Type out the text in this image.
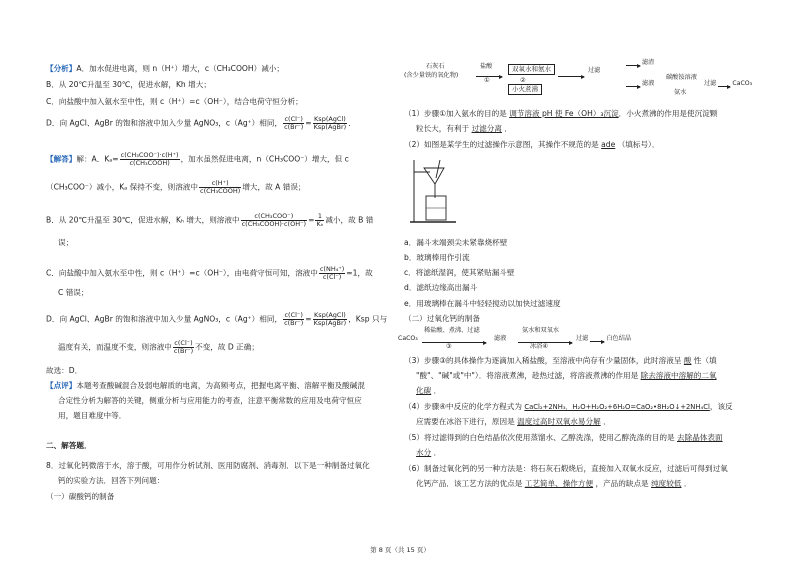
【分析】A．加水促进电离，则 n（H⁺）增大，c（CH₃COOH）减小；
B．从 20℃升温至 30℃，促进水解，Kh 增大；
C．向盐酸中加入氨水至中性，则 c（H⁺）=c（OH⁻），结合电荷守恒分析；
D．向 AgCl、AgBr 的饱和溶液中加入少量 AgNO₃，c（Ag⁺）相同， $\frac{c(Cl^-)}{c(Br^-)} = \frac{\text{Ksp(AgCl)}}{\text{Ksp(AgBr)}}$ ．
【解答】解：A．$K_a= \frac{\text{c(CH₃COO⁻)·c(H⁺)}}{\text{c(CH₃COOH)}}$ ，加水虽然促进电离，n（CH₃COO⁻）增大，但 c
（CH₃COO⁻）减小，Kₐ 保持不变，则溶液中 $\frac{c(H^+)}{\text{c(CH₃COOH)}}$ 增大，故 A 错误；
B．从 20℃升温至 30℃，促进水解，Kₕ 增大，则溶液中 $\frac{\text{c(CH₃COO⁻)}}{\text{c(CH₃COOH)·c(OH⁻)}} = \frac{1}{\text{Kₕ}}$ 减小，故 B 错
误；
C．向盐酸中加入氨水至中性，则 c（H⁺）=c（OH⁻），由电荷守恒可知，溶液中 $\frac{\text{c(NH₄⁺)}}{c(Cl^-)} =1$，故
C 错误；
D．向 AgCl、AgBr 的饱和溶液中加入少量 AgNO₃，c（Ag⁺）相同， $\frac{c(Cl^-)}{c(Br^-)} = \frac{\text{Ksp(AgCl)}}{\text{Ksp(AgBr)}}$ ，Ksp 只与
温度有关，而温度不变，则溶液中 $\frac{c(Cl^-)}{c(Br^-)}$ 不变，故 D 正确；
故选：D．
【点评】本题考查酸碱混合及弱电解质的电离，为高频考点，把握电离平衡、溶解平衡及酸碱混
合定性分析为解答的关键，侧重分析与应用能力的考查，注意平衡常数的应用及电荷守恒应
用，题目难度中等．
二、解答题．
8．过氧化钙微溶于水，溶于酸，可用作分析试剂、医用防腐剂、消毒剂．以下是一种制备过氧化
钙的实验方法．回答下列问题：
（一）碳酸钙的制备
石灰石
(含少量铁的氧化物)
盐酸
①
双氧水和氨水
②
小火煮沸
过滤
滤渣
滤液
碳酸铵溶液
氨水
过滤	CaCO₃
（1）步骤①加入氨水的目的是 调节溶液 pH 使 Fe（OH）₃沉淀．小火煮沸的作用是使沉淀颗
粒长大，有利于 过滤分离 ．
（2）如图是某学生的过滤操作示意图，其操作不规范的是 ade （填标号）．
a．漏斗末端颈尖未紧靠烧杯壁
b．玻璃棒用作引流
c．将滤纸湿润，使其紧贴漏斗壁
d．滤纸边缘高出漏斗
e．用玻璃棒在漏斗中轻轻搅动以加快过滤速度
（二）过氧化钙的制备
CaCO₃
稀盐酸、煮沸、过滤
③
滤液
氨水和双氧水
冰浴④
过滤	白色结晶
（3）步骤③的具体操作为逐滴加入稀盐酸，至溶液中尚存有少量固体，此时溶液呈 酸 性（填
"酸"、"碱"或"中"）．将溶液煮沸，趁热过滤，将溶液煮沸的作用是 除去溶液中溶解的二氧
化碳 ．
（4）步骤④中反应的化学方程式为 CaCl₂+2NH₃．H₂O+H₂O₂+6H₂O=CaO₂•8H₂O↓+2NH₄Cl，该反
应需要在冰浴下进行，原因是 温度过高时双氧水易分解 ．
（5）将过滤得到的白色结晶依次使用蒸馏水、乙醇洗涤，使用乙醇洗涤的目的是 去除晶体表面
水分 ．
（6）制备过氧化钙的另一种方法是：将石灰石煅烧后，直接加入双氧水反应，过滤后可得到过氧
化钙产品．该工艺方法的优点是 工艺简单、操作方便 ，产品的缺点是 纯度较低 ．
第 8 页（共 15 页）
